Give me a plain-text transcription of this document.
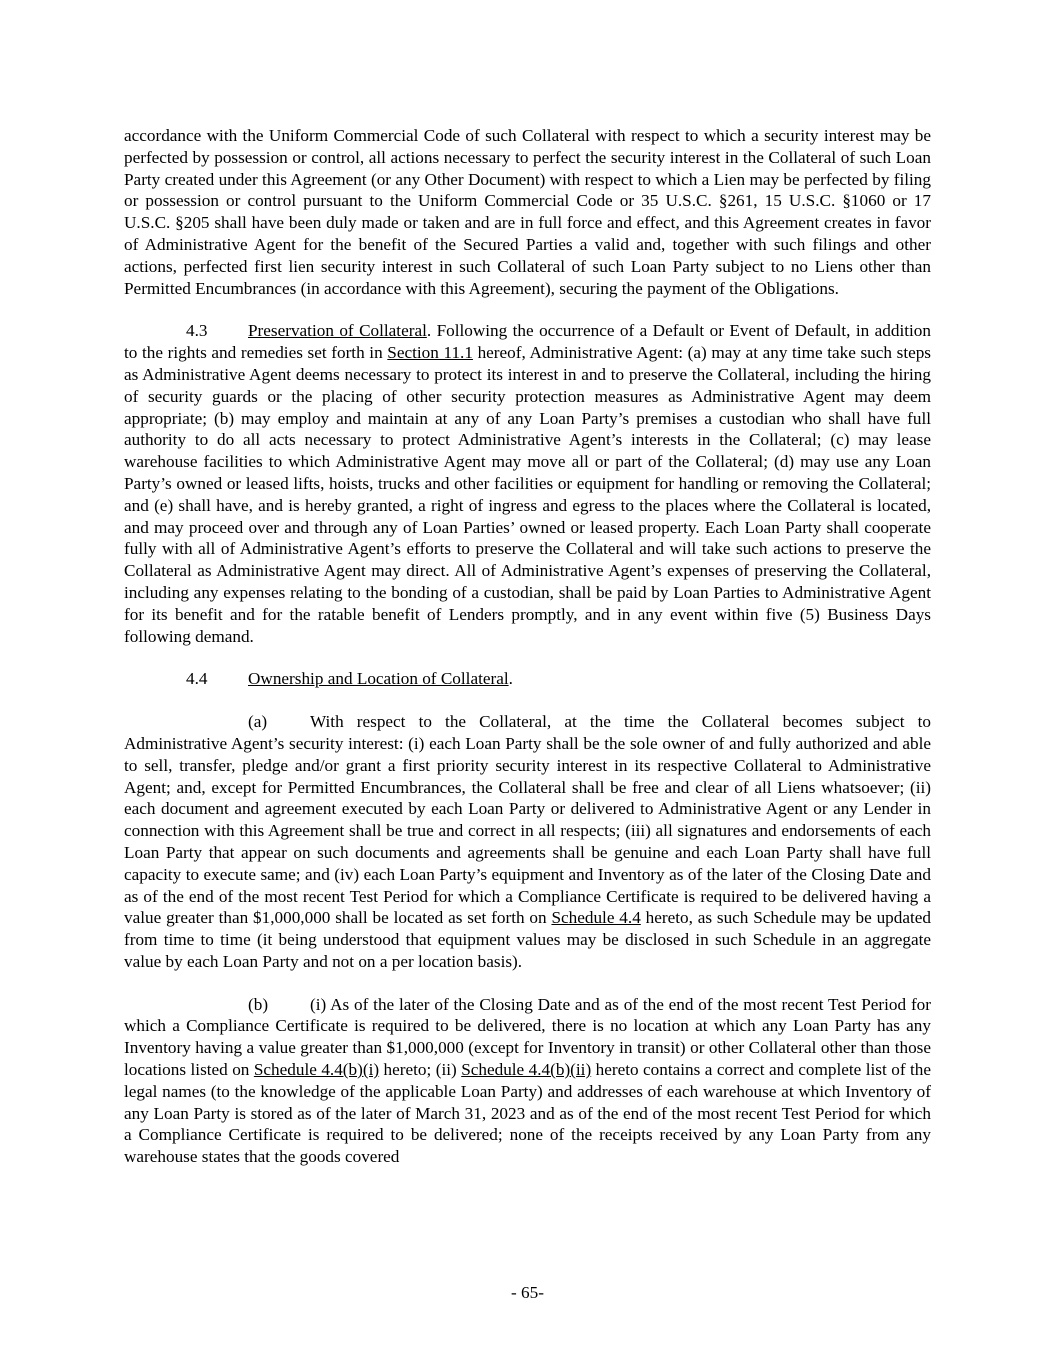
accordance with the Uniform Commercial Code of such Collateral with respect to which a security interest may be perfected by possession or control, all actions necessary to perfect the security interest in the Collateral of such Loan Party created under this Agreement (or any Other Document) with respect to which a Lien may be perfected by filing or possession or control pursuant to the Uniform Commercial Code or 35 U.S.C. §261, 15 U.S.C. §1060 or 17 U.S.C. §205 shall have been duly made or taken and are in full force and effect, and this Agreement creates in favor of Administrative Agent for the benefit of the Secured Parties a valid and, together with such filings and other actions, perfected first lien security interest in such Collateral of such Loan Party subject to no Liens other than Permitted Encumbrances (in accordance with this Agreement), securing the payment of the Obligations.

4.3 Preservation of Collateral. Following the occurrence of a Default or Event of Default, in addition to the rights and remedies set forth in Section 11.1 hereof, Administrative Agent: (a) may at any time take such steps as Administrative Agent deems necessary to protect its interest in and to preserve the Collateral, including the hiring of security guards or the placing of other security protection measures as Administrative Agent may deem appropriate; (b) may employ and maintain at any of any Loan Party’s premises a custodian who shall have full authority to do all acts necessary to protect Administrative Agent’s interests in the Collateral; (c) may lease warehouse facilities to which Administrative Agent may move all or part of the Collateral; (d) may use any Loan Party’s owned or leased lifts, hoists, trucks and other facilities or equipment for handling or removing the Collateral; and (e) shall have, and is hereby granted, a right of ingress and egress to the places where the Collateral is located, and may proceed over and through any of Loan Parties’ owned or leased property. Each Loan Party shall cooperate fully with all of Administrative Agent’s efforts to preserve the Collateral and will take such actions to preserve the Collateral as Administrative Agent may direct. All of Administrative Agent’s expenses of preserving the Collateral, including any expenses relating to the bonding of a custodian, shall be paid by Loan Parties to Administrative Agent for its benefit and for the ratable benefit of Lenders promptly, and in any event within five (5) Business Days following demand.

4.4 Ownership and Location of Collateral.

(a) With respect to the Collateral, at the time the Collateral becomes subject to Administrative Agent’s security interest: (i) each Loan Party shall be the sole owner of and fully authorized and able to sell, transfer, pledge and/or grant a first priority security interest in its respective Collateral to Administrative Agent; and, except for Permitted Encumbrances, the Collateral shall be free and clear of all Liens whatsoever; (ii) each document and agreement executed by each Loan Party or delivered to Administrative Agent or any Lender in connection with this Agreement shall be true and correct in all respects; (iii) all signatures and endorsements of each Loan Party that appear on such documents and agreements shall be genuine and each Loan Party shall have full capacity to execute same; and (iv) each Loan Party’s equipment and Inventory as of the later of the Closing Date and as of the end of the most recent Test Period for which a Compliance Certificate is required to be delivered having a value greater than $1,000,000 shall be located as set forth on Schedule 4.4 hereto, as such Schedule may be updated from time to time (it being understood that equipment values may be disclosed in such Schedule in an aggregate value by each Loan Party and not on a per location basis).

(b) (i) As of the later of the Closing Date and as of the end of the most recent Test Period for which a Compliance Certificate is required to be delivered, there is no location at which any Loan Party has any Inventory having a value greater than $1,000,000 (except for Inventory in transit) or other Collateral other than those locations listed on Schedule 4.4(b)(i) hereto; (ii) Schedule 4.4(b)(ii) hereto contains a correct and complete list of the legal names (to the knowledge of the applicable Loan Party) and addresses of each warehouse at which Inventory of any Loan Party is stored as of the later of March 31, 2023 and as of the end of the most recent Test Period for which a Compliance Certificate is required to be delivered; none of the receipts received by any Loan Party from any warehouse states that the goods covered

- 65-
